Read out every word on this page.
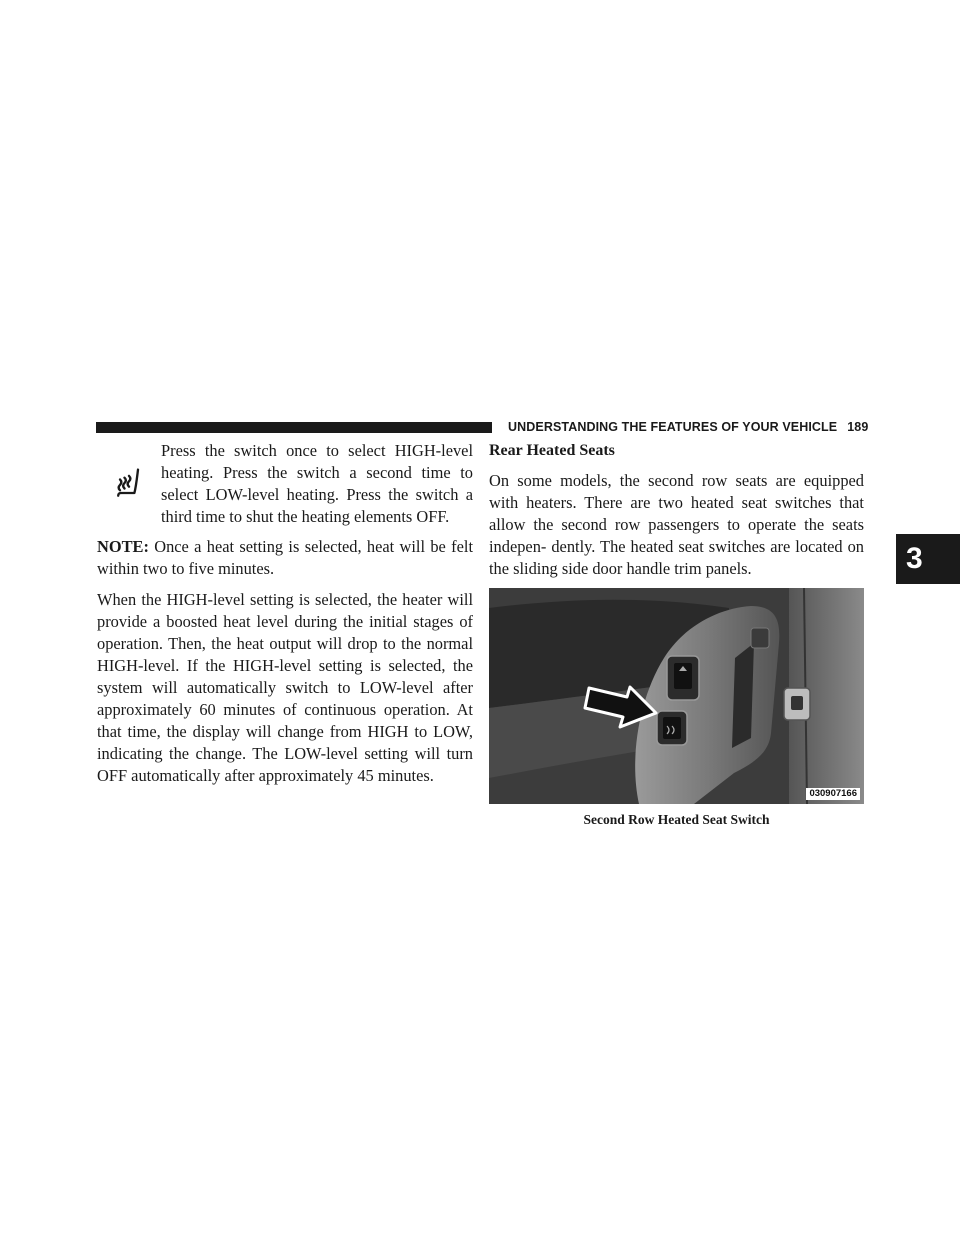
UNDERSTANDING THE FEATURES OF YOUR VEHICLE 189
3

Press the switch once to select HIGH-level heating. Press the switch a second time to select LOW-level heating. Press the switch a third time to shut the heating elements OFF.

NOTE: Once a heat setting is selected, heat will be felt within two to five minutes.

When the HIGH-level setting is selected, the heater will provide a boosted heat level during the initial stages of operation. Then, the heat output will drop to the normal HIGH-level. If the HIGH-level setting is selected, the system will automatically switch to LOW-level after approximately 60 minutes of continuous operation. At that time, the display will change from HIGH to LOW, indicating the change. The LOW-level setting will turn OFF automatically after approximately 45 minutes.

Rear Heated Seats

On some models, the second row seats are equipped with heaters. There are two heated seat switches that allow the second row passengers to operate the seats indepen- dently. The heated seat switches are located on the sliding side door handle trim panels.

030907166
Second Row Heated Seat Switch
